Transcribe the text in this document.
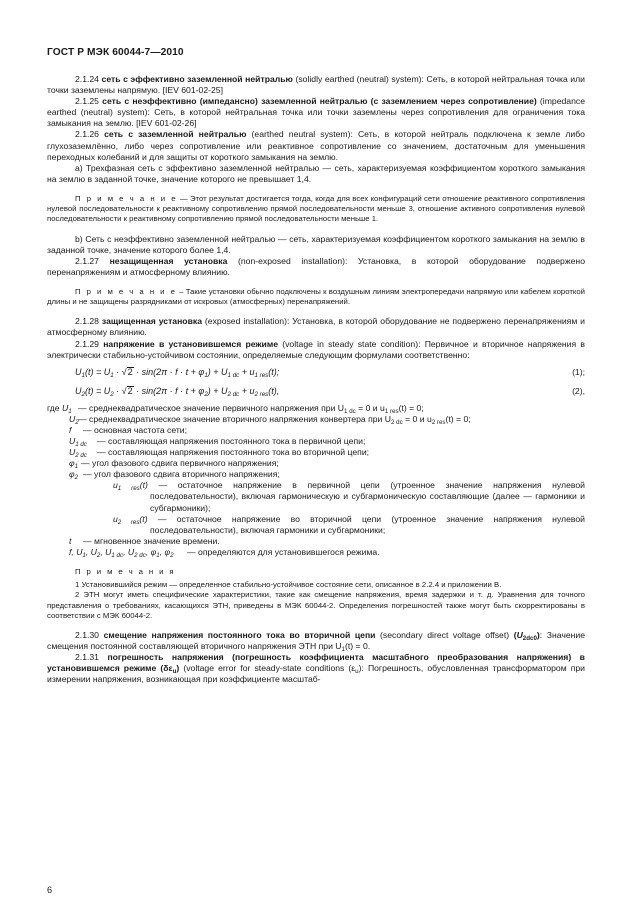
ГОСТ Р МЭК 60044-7—2010

2.1.24 сеть с эффективно заземленной нейтралью (solidly earthed (neutral) system): Сеть, в которой нейтральная точка или точки заземлены напрямую. [IEV 601-02-25]

2.1.25 сеть с неэффективно (импедансно) заземленной нейтралью (с заземлением через сопротивление) (impedance earthed (neutral) system): Сеть, в которой нейтральная точка или точки заземлены через сопротивления для ограничения тока замыкания на землю. [IEV 601-02-26]

2.1.26 сеть с заземленной нейтралью (earthed neutral system): Сеть, в которой нейтраль подключена к земле либо глухозаземлённо, либо через сопротивление или реактивное сопротивление со значением, достаточным для уменьшения переходных колебаний и для защиты от короткого замыкания на землю.

а) Трехфазная сеть с эффективно заземленной нейтралью — сеть, характеризуемая коэффициентом короткого замыкания на землю в заданной точке, значение которого не превышает 1,4.

П р и м е ч а н и е — Этот результат достигается тогда, когда для всех конфигураций сети отношение реактивного сопротивления нулевой последовательности к реактивному сопротивлению прямой последовательности меньше 3, отношение активного сопротивления нулевой последовательности к реактивному сопротивлению прямой последовательности меньше 1.

b) Сеть с неэффективно заземленной нейтралью — сеть, характеризуемая коэффициентом короткого замыкания на землю в заданной точке, значение которого более 1,4.

2.1.27 незащищенная установка (non-exposed installation): Установка, в которой оборудование подвержено перенапряжениям и атмосферному влиянию.

П р и м е ч а н и е – Такие установки обычно подключены к воздушным линиям электропередачи напрямую или кабелем короткой длины и не защищены разрядниками от искровых (атмосферных) перенапряжений.

2.1.28 защищенная установка (exposed installation): Установка, в которой оборудование не подвержено перенапряжениям и атмосферному влиянию.

2.1.29 напряжение в установившемся режиме (voltage in steady state condition): Первичное и вторичное напряжения в электрически стабильно-устойчивом состоянии, определяемые следующим формулами соответственно:

$U_1(t) = U_1 \cdot √2 \cdot \sin(2\pi \cdot f \cdot t + \varphi_1) + U_{1 dc} + u_{1 res}(t)$;	(1);
$U_2(t) = U_2 \cdot √2 \cdot \sin(2\pi \cdot f \cdot t + \varphi_2) + U_{2 dc} + u_{2 res}(t)$,	(2),
где $U_1$ — среднеквадратическое значение первичного напряжения при $U_{1 dc} = 0$ и $u_{1 res}(t) = 0$;
$U_2$ — среднеквадратическое значение вторичного напряжения конвертера при $U_{2 dc} = 0$ и $u_{2 res}(t) = 0$;
f — основная частота сети;
$U_{1 dc}$ — составляющая напряжения постоянного тока в первичной цепи;
$U_{2 dc}$ — составляющая напряжения постоянного тока во вторичной цепи;
$\varphi_1$ — угол фазового сдвига первичного напряжения;
$\varphi_2$ — угол фазового сдвига вторичного напряжения;
$u_{1 res}(t)$ — остаточное напряжение в первичной цепи (утроенное значение напряжения нулевой последовательности), включая гармоническую и субгармоническую составляющие (далее — гармоники и субгармоники);
$u_{2 res}(t)$ — остаточное напряжение во вторичной цепи (утроенное значение напряжения нулевой последовательности), включая гармоники и субгармоники;
t — мгновенное значение времени.
f, $U_1$, $U_2$, $U_{1 dc}$, $U_{2 dc}$, $\varphi_1$, $\varphi_2$ — определяются для установившегося режима.

П р и м е ч а н и я

1 Установившийся режим — определенное стабильно-устойчивое состояние сети, описанное в 2.2.4 и приложении В.

2 ЭТН могут иметь специфические характеристики, такие как смещение напряжения, время задержки и т. д. Уравнения для точного представления о требованиях, касающихся ЭТН, приведены в МЭК 60044-2. Определения погрешностей также могут быть скорректированы в соответствии с МЭК 60044-2.

2.1.30 смещение напряжения постоянного тока во вторичной цепи (secondary direct voltage offset) $(U_{2dc0})$: Значение смещения постоянной составляющей вторичного напряжения ЭТН при $U_1(t) = 0$.

2.1.31 погрешность напряжения (погрешность коэффициента масштабного преобразования напряжения) в установившемся режиме $(\delta\varepsilon_u)$ (voltage error for steady-state conditions $(\varepsilon_u)$: Погрешность, обусловленная трансформатором при измерении напряжения, возникающая при коэффициенте масштаб-

6
